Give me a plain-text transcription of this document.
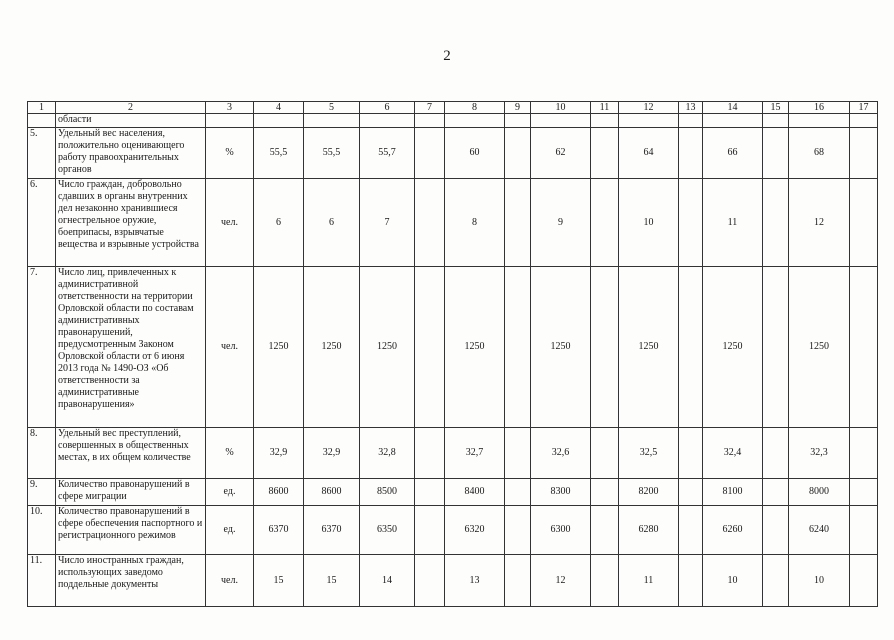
2
1	2	3	4	5	6	7	8	9	10	11	12	13	14	15	16	17
	области															
5.	Удельный вес населения, положительно оценивающего работу правоохранительных органов	%	55,5	55,5	55,7		60		62		64		66		68	
6.	Число граждан, добровольно сдавших в органы внутренних дел незаконно хранившиеся огнестрельное оружие, боеприпасы, взрывчатые вещества и взрывные устройства	чел.	6	6	7		8		9		10		11		12	
7.	Число лиц, привлеченных к административной ответственности на территории Орловской области по составам административных правонарушений, предусмотренным Законом Орловской области от 6 июня 2013 года № 1490-ОЗ «Об ответственности за административные правонарушения»	чел.	1250	1250	1250		1250		1250		1250		1250		1250	
8.	Удельный вес преступлений, совершенных в общественных местах, в их общем количестве	%	32,9	32,9	32,8		32,7		32,6		32,5		32,4		32,3	
9.	Количество правонарушений в сфере миграции	ед.	8600	8600	8500		8400		8300		8200		8100		8000	
10.	Количество правонарушений в сфере обеспечения паспортного и регистрационного режимов	ед.	6370	6370	6350		6320		6300		6280		6260		6240	
11.	Число иностранных граждан, использующих заведомо поддельные документы	чел.	15	15	14		13		12		11		10		10	
